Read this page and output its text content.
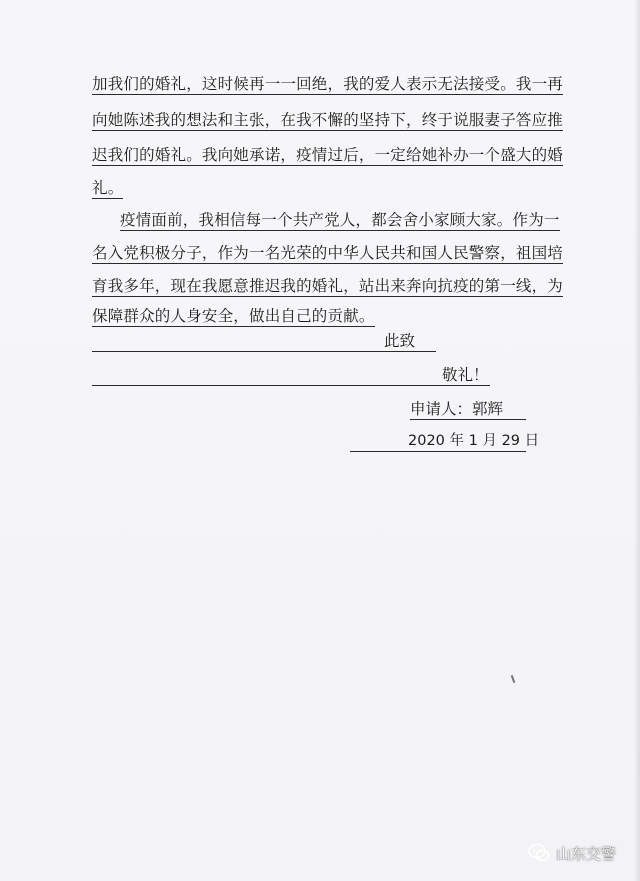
加我们的婚礼，这时候再一一回绝，我的爱人表示无法接受。我一再
向她陈述我的想法和主张，在我不懈的坚持下，终于说服妻子答应推
迟我们的婚礼。我向她承诺，疫情过后，一定给她补办一个盛大的婚
礼。
疫情面前，我相信每一个共产党人，都会舍小家顾大家。作为一
名入党积极分子，作为一名光荣的中华人民共和国人民警察，祖国培
育我多年，现在我愿意推迟我的婚礼，站出来奔向抗疫的第一线，为
保障群众的人身安全，做出自己的贡献。
此致
敬礼！
申请人：郭辉
2020 年 1 月 29 日
山东交警
